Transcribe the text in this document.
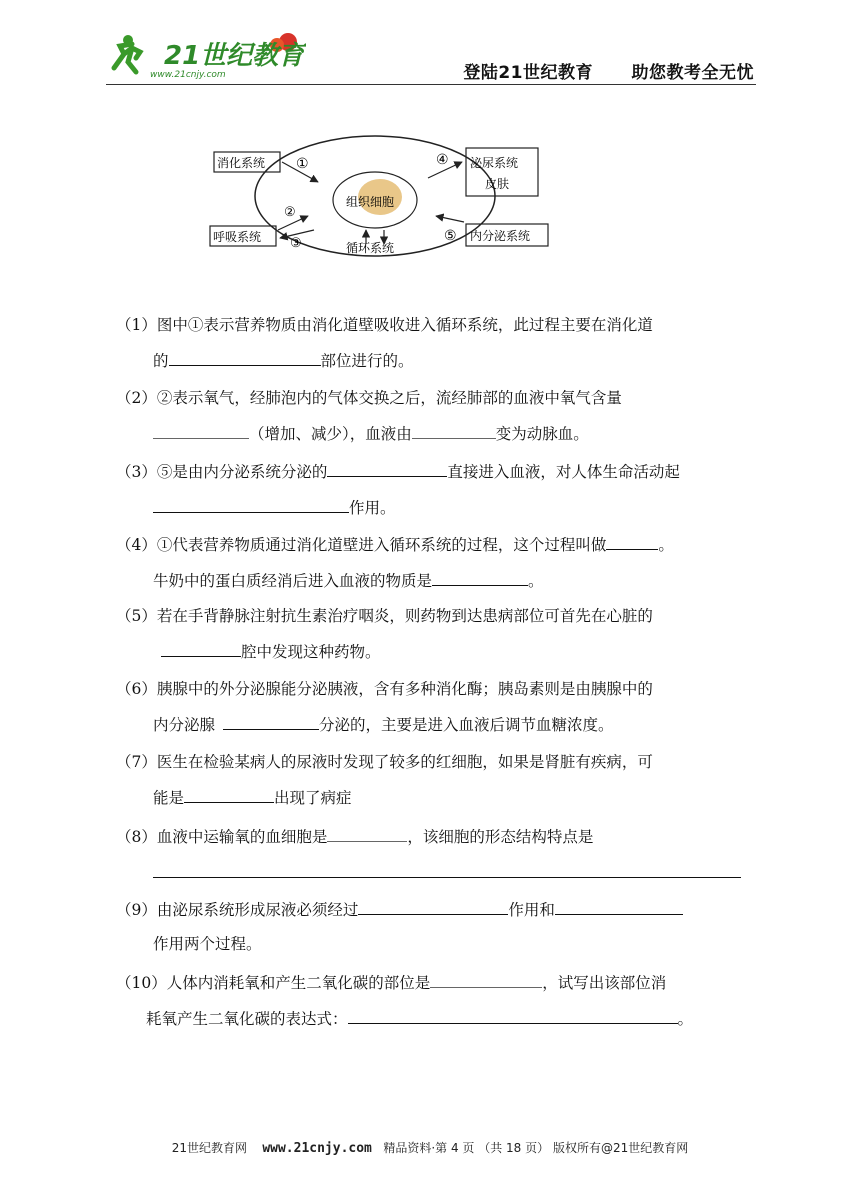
21世纪教育
www.21cnjy.com	登陆21世纪教育      助您教考全无忧
组织细胞
循环系统
消化系统 ①
呼吸系统
②
③
泌尿系统
皮肤
④
内分泌系统
⑤
（1）图中①表示营养物质由消化道壁吸收进入循环系统，此过程主要在消化道
的	部位进行的。
（2）②表示氧气，经肺泡内的气体交换之后，流经肺部的血液中氧气含量
（增加、减少），血液由	变为动脉血。
（3）⑤是由内分泌系统分泌的	直接进入血液，对人体生命活动起
作用。
（4）①代表营养物质通过消化道壁进入循环系统的过程，这个过程叫做	。
牛奶中的蛋白质经消后进入血液的物质是	。
（5）若在手背静脉注射抗生素治疗咽炎，则药物到达患病部位可首先在心脏的
腔中发现这种药物。
（6）胰腺中的外分泌腺能分泌胰液，含有多种消化酶；胰岛素则是由胰腺中的
内分泌腺	分泌的，主要是进入血液后调节血糖浓度。
（7）医生在检验某病人的尿液时发现了较多的红细胞，如果是肾脏有疾病，可
能是	出现了病症
（8）血液中运输氧的血细胞是	，该细胞的形态结构特点是
（9）由泌尿系统形成尿液必须经过	作用和
作用两个过程。
（10）人体内消耗氧和产生二氧化碳的部位是	，试写出该部位消
耗氧产生二氧化碳的表达式：	。
21世纪教育网 www.21cnjy.com 精品资料·第 4 页 （共 18 页） 版权所有@21世纪教育网
